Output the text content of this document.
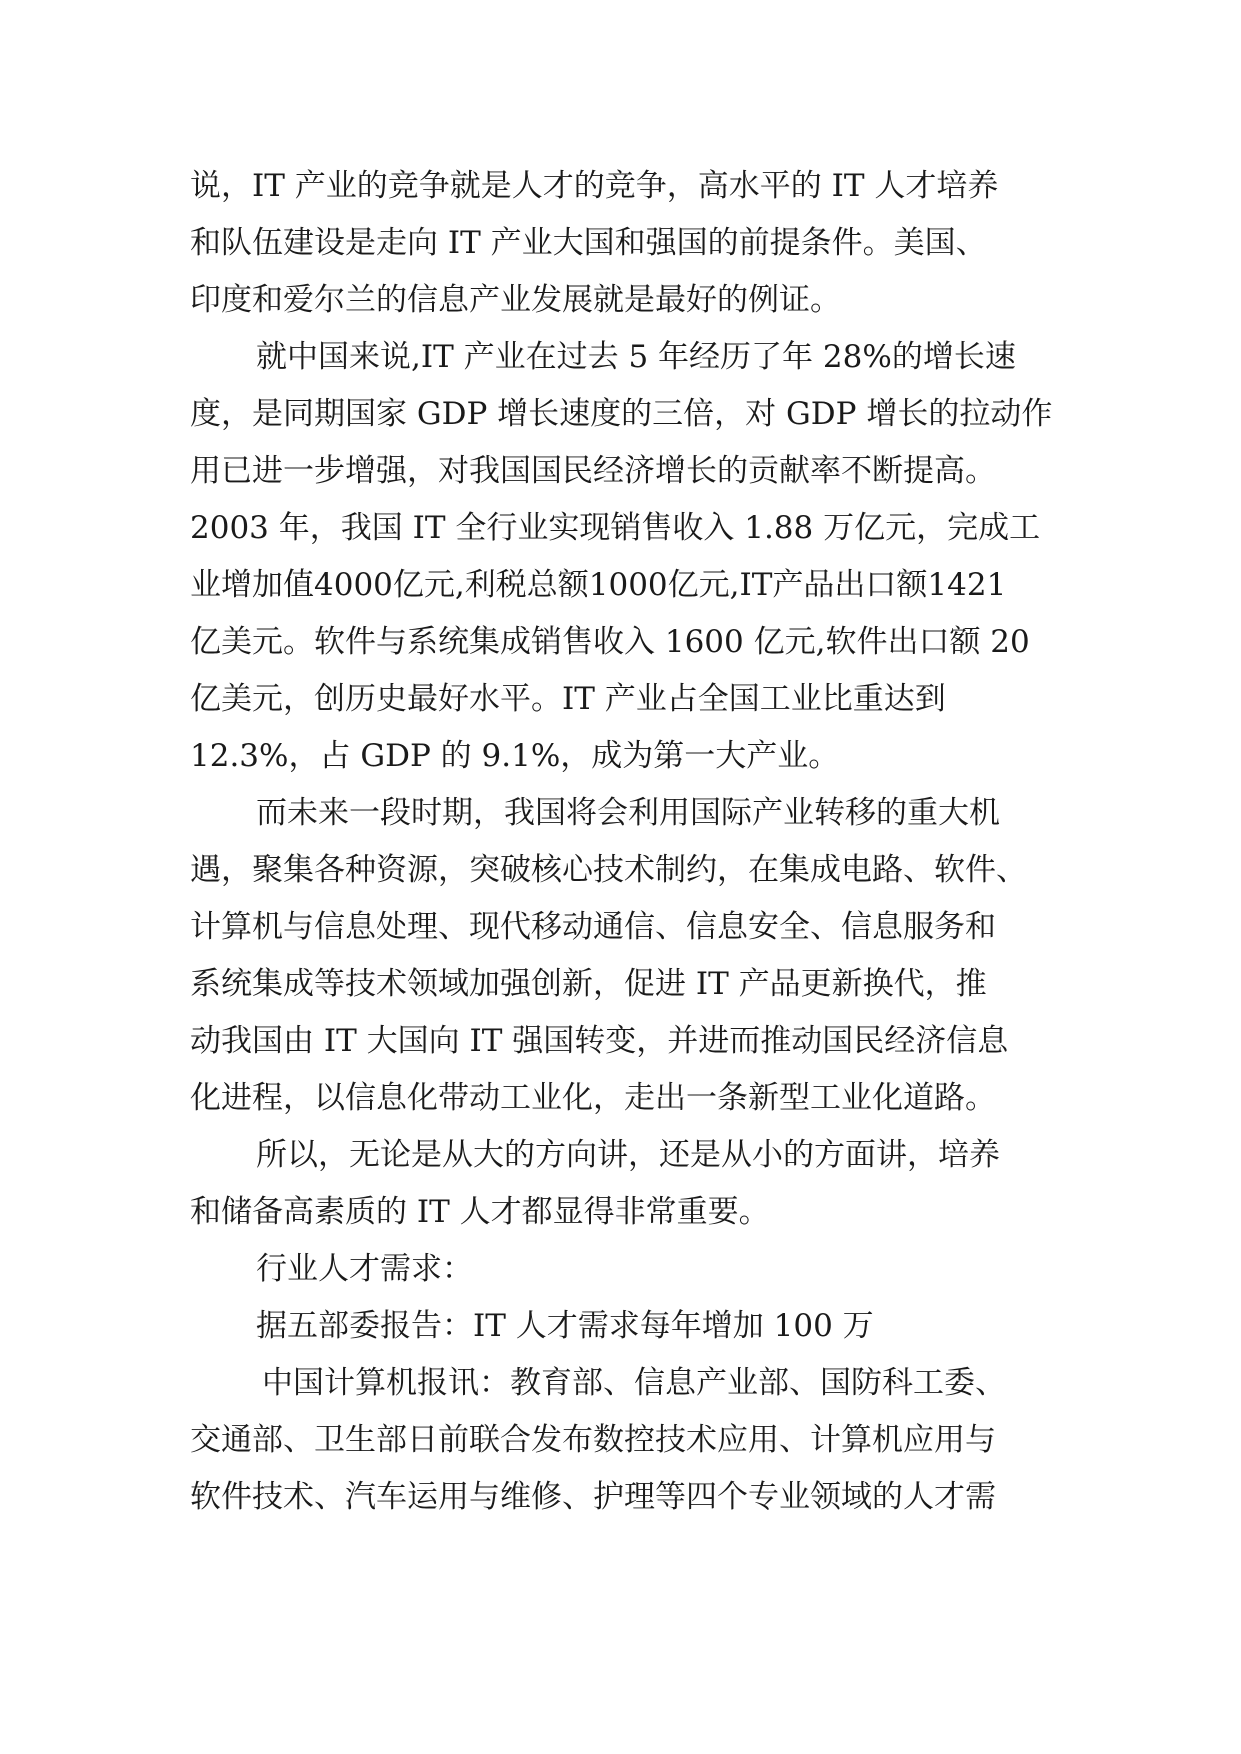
说，IT 产业的竞争就是人才的竞争，高水平的 IT 人才培养
和队伍建设是走向 IT 产业大国和强国的前提条件。美国、
印度和爱尔兰的信息产业发展就是最好的例证。
就中国来说,IT 产业在过去 5 年经历了年 28%的增长速
度，是同期国家 GDP 增长速度的三倍，对 GDP 增长的拉动作
用已进一步增强，对我国国民经济增长的贡献率不断提高。
2003 年，我国 IT 全行业实现销售收入 1.88 万亿元，完成工
业增加值4000亿元,利税总额1000亿元,IT产品出口额1421
亿美元。软件与系统集成销售收入 1600 亿元,软件出口额 20
亿美元，创历史最好水平。IT 产业占全国工业比重达到
12.3%，占 GDP 的 9.1%，成为第一大产业。
而未来一段时期，我国将会利用国际产业转移的重大机
遇，聚集各种资源，突破核心技术制约，在集成电路、软件、
计算机与信息处理、现代移动通信、信息安全、信息服务和
系统集成等技术领域加强创新，促进 IT 产品更新换代，推
动我国由 IT 大国向 IT 强国转变，并进而推动国民经济信息
化进程，以信息化带动工业化，走出一条新型工业化道路。
所以，无论是从大的方向讲，还是从小的方面讲，培养
和储备高素质的 IT 人才都显得非常重要。
行业人才需求：
据五部委报告：IT 人才需求每年增加 100 万
中国计算机报讯：教育部、信息产业部、国防科工委、
交通部、卫生部日前联合发布数控技术应用、计算机应用与
软件技术、汽车运用与维修、护理等四个专业领域的人才需
